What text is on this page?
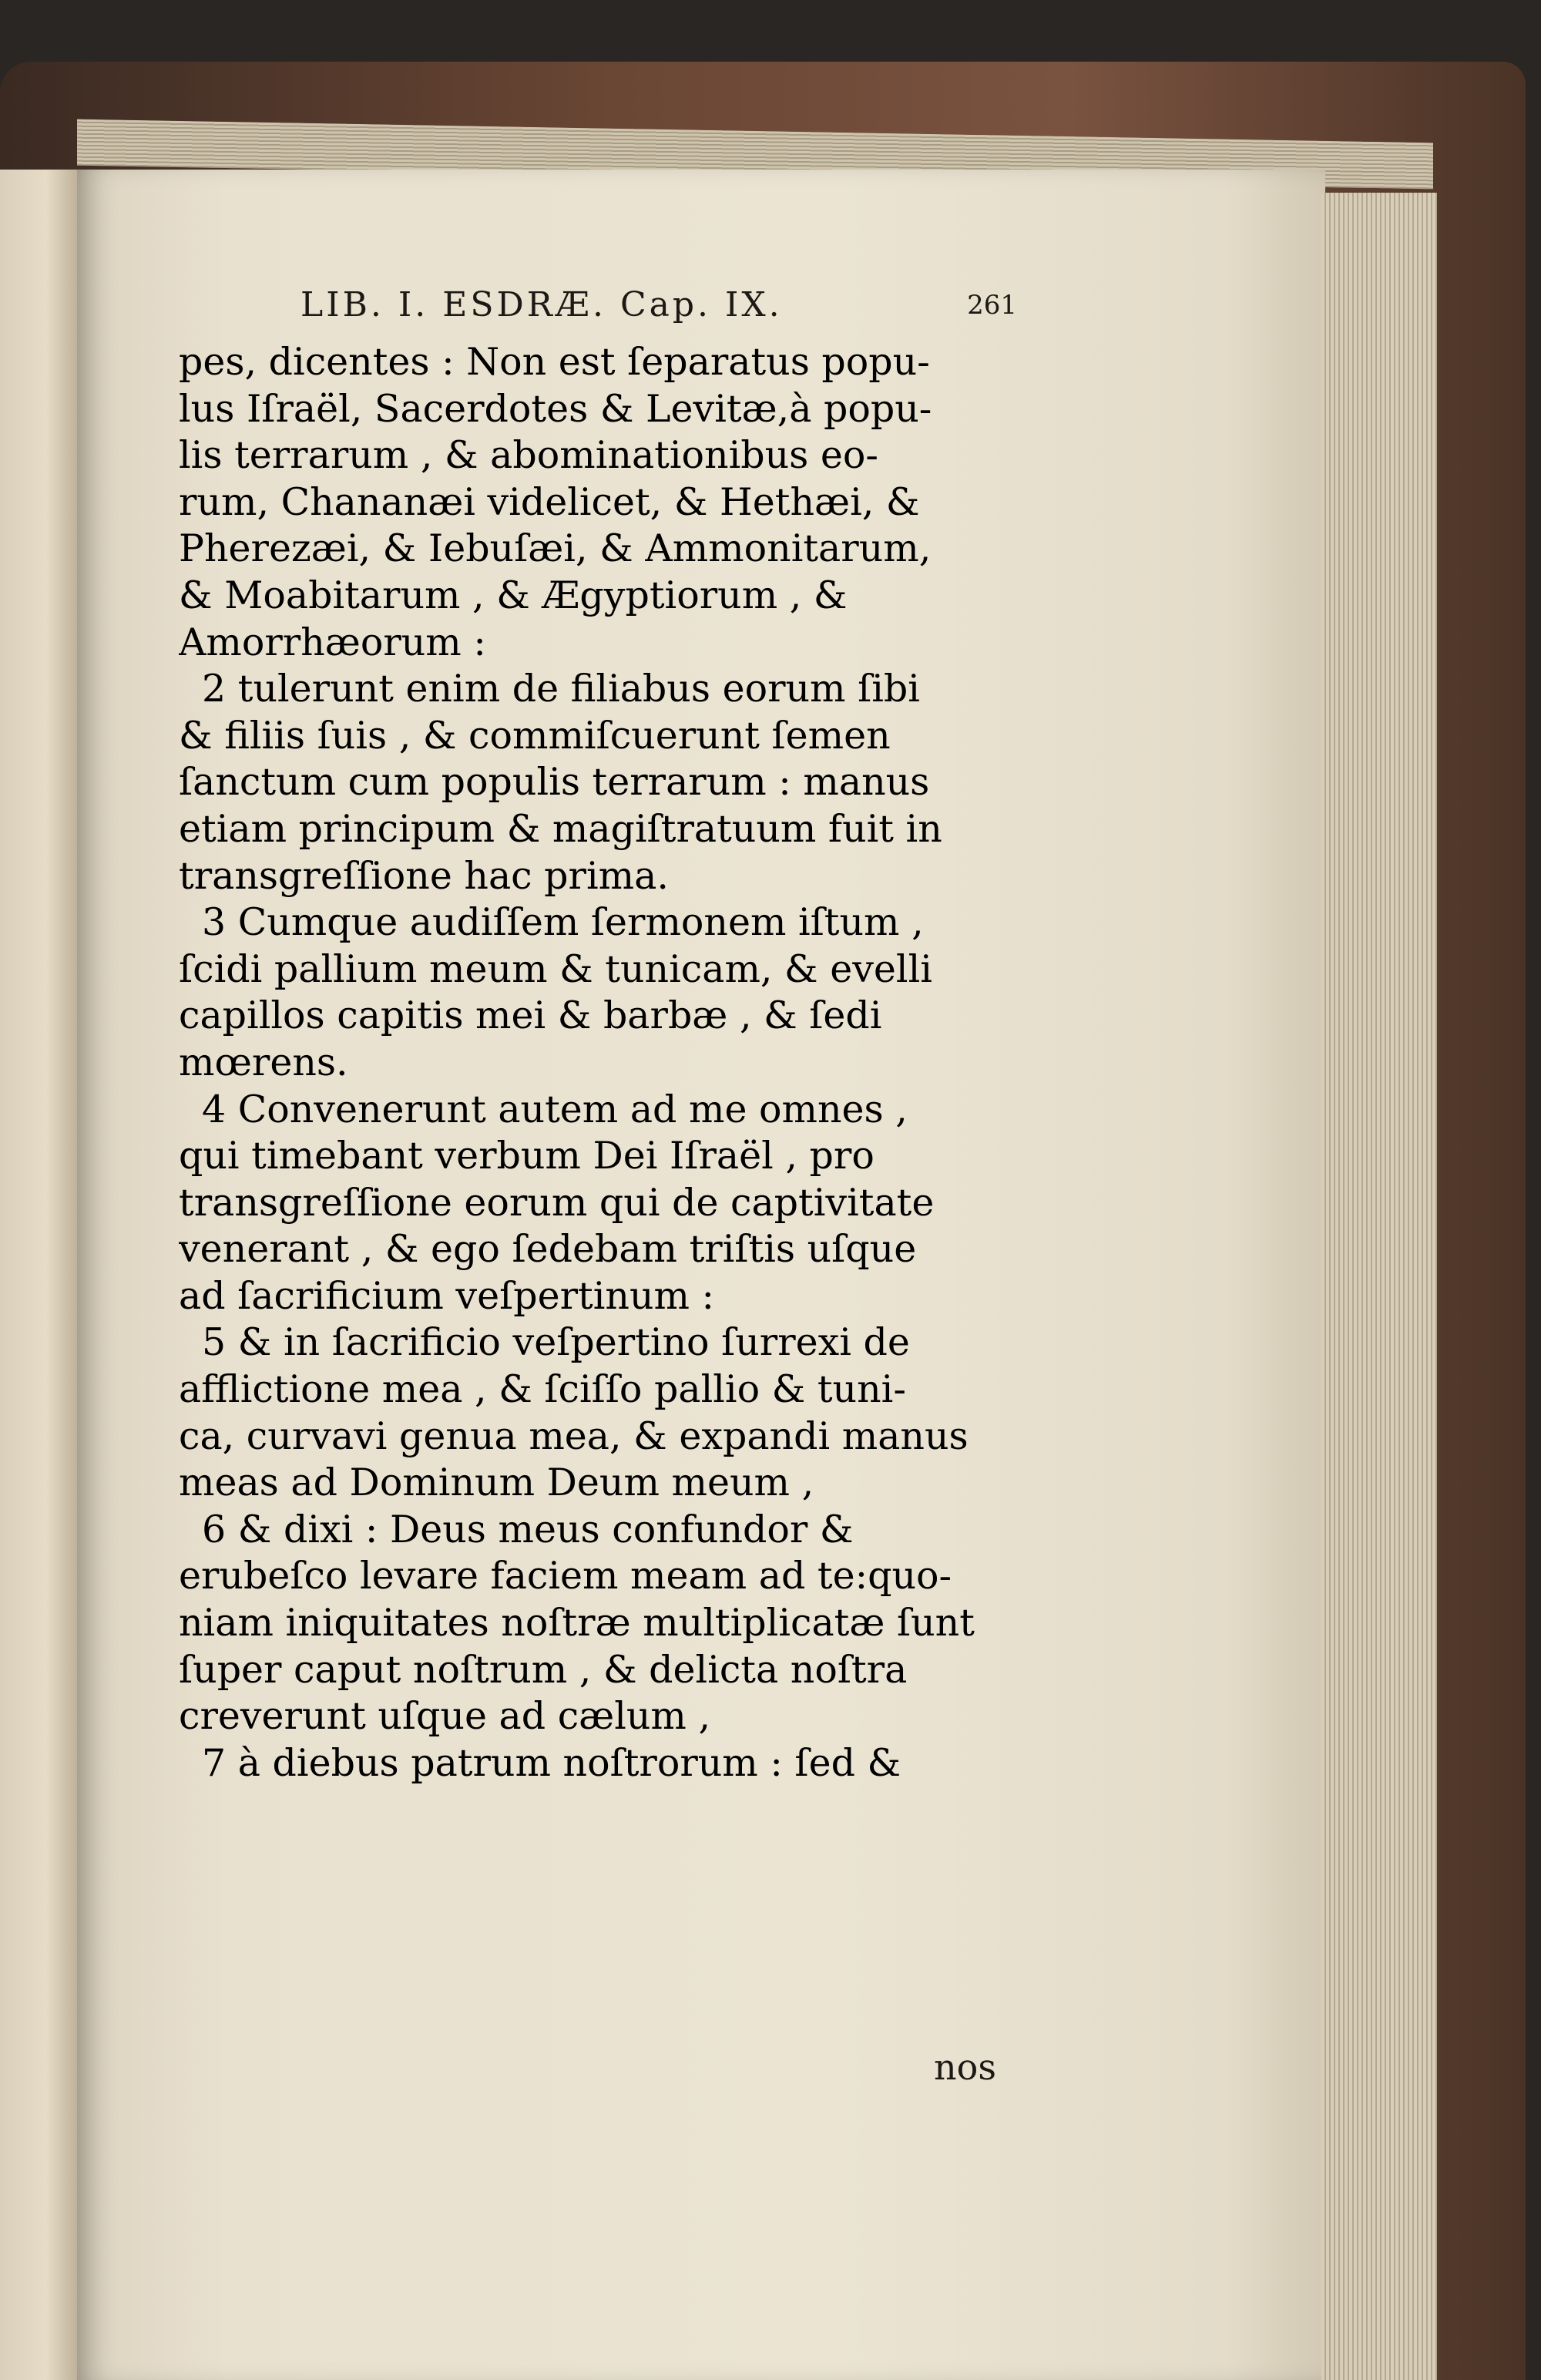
LIB. I. ESDRÆ. Cap. IX.	261
pes, dicentes : Non est ſeparatus popu-
lus Iſraël, Sacerdotes & Levitæ,à popu-
lis terrarum , & abominationibus eo-
rum, Chananæi videlicet, & Hethæi, &
Pherezæi, & Iebuſæi, & Ammonitarum,
& Moabitarum , & Ægyptiorum , &
Amorrhæorum :
2 tulerunt enim de filiabus eorum ſibi
& filiis ſuis , & commiſcuerunt ſemen
ſanctum cum populis terrarum : manus
etiam principum & magiſtratuum fuit in
transgreſſione hac prima.
3 Cumque audiſſem ſermonem iſtum ,
ſcidi pallium meum & tunicam, & evelli
capillos capitis mei & barbæ , & ſedi
mœrens.
4 Convenerunt autem ad me omnes ,
qui timebant verbum Dei Iſraël , pro
transgreſſione eorum qui de captivitate
venerant , & ego ſedebam triſtis uſque
ad ſacrificium veſpertinum :
5 & in ſacrificio veſpertino ſurrexi de
afflictione mea , & ſciſſo pallio & tuni-
ca, curvavi genua mea, & expandi manus
meas ad Dominum Deum meum ,
6 & dixi : Deus meus confundor &
erubeſco levare faciem meam ad te:quo-
niam iniquitates noſtræ multiplicatæ ſunt
ſuper caput noſtrum , & delicta noſtra
creverunt uſque ad cælum ,
7 à diebus patrum noſtrorum : ſed &
nos
